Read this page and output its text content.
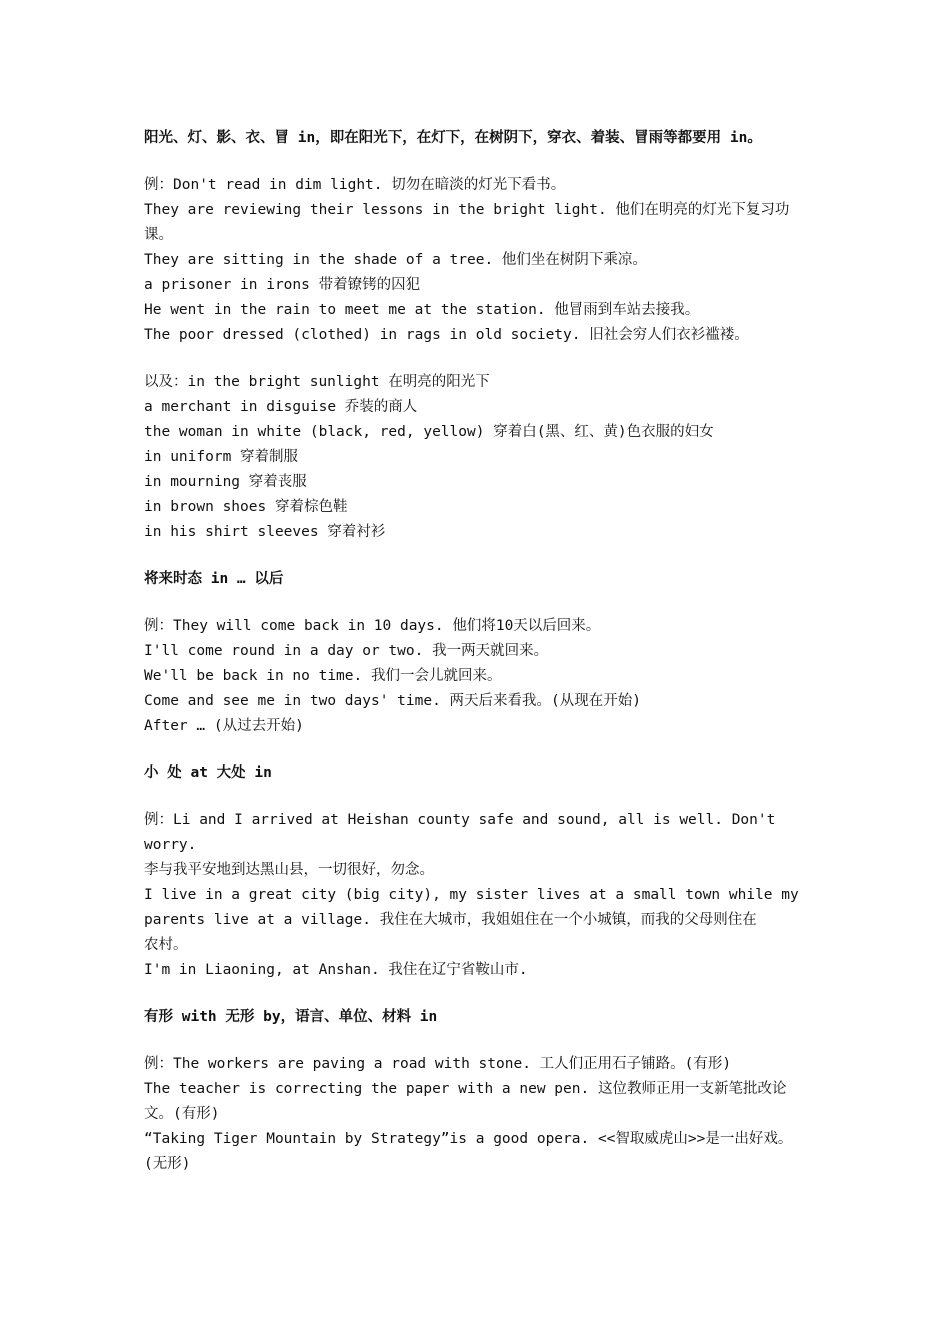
阳光、灯、影、衣、冒 in，即在阳光下，在灯下，在树阴下，穿衣、着装、冒雨等都要用 in。

例：Don't read in dim light. 切勿在暗淡的灯光下看书。

They are reviewing their lessons in the bright light. 他们在明亮的灯光下复习功

课。

They are sitting in the shade of a tree. 他们坐在树阴下乘凉。

a prisoner in irons 带着镣铐的囚犯

He went in the rain to meet me at the station. 他冒雨到车站去接我。

The poor dressed (clothed) in rags in old society. 旧社会穷人们衣衫褴褛。

以及：in the bright sunlight 在明亮的阳光下

a merchant in disguise 乔装的商人

the woman in white (black, red, yellow) 穿着白(黑、红、黄)色衣服的妇女

in uniform 穿着制服

in mourning 穿着丧服

in brown shoes 穿着棕色鞋

in his shirt sleeves 穿着衬衫

将来时态 in … 以后

例：They will come back in 10 days. 他们将10天以后回来。

I'll come round in a day or two. 我一两天就回来。

We'll be back in no time. 我们一会儿就回来。

Come and see me in two days' time. 两天后来看我。(从现在开始)

After … (从过去开始)

小 处 at 大处 in

例：Li and I arrived at Heishan county safe and sound, all is well. Don't

worry.

李与我平安地到达黑山县，一切很好，勿念。

I live in a great city (big city), my sister lives at a small town while my

parents live at a village. 我住在大城市，我姐姐住在一个小城镇，而我的父母则住在

农村。

I'm in Liaoning, at Anshan. 我住在辽宁省鞍山市.

有形 with 无形 by，语言、单位、材料 in

例：The workers are paving a road with stone. 工人们正用石子铺路。(有形)

The teacher is correcting the paper with a new pen. 这位教师正用一支新笔批改论

文。(有形)

“Taking Tiger Mountain by Strategy”is a good opera. <<智取威虎山>>是一出好戏。

(无形)
